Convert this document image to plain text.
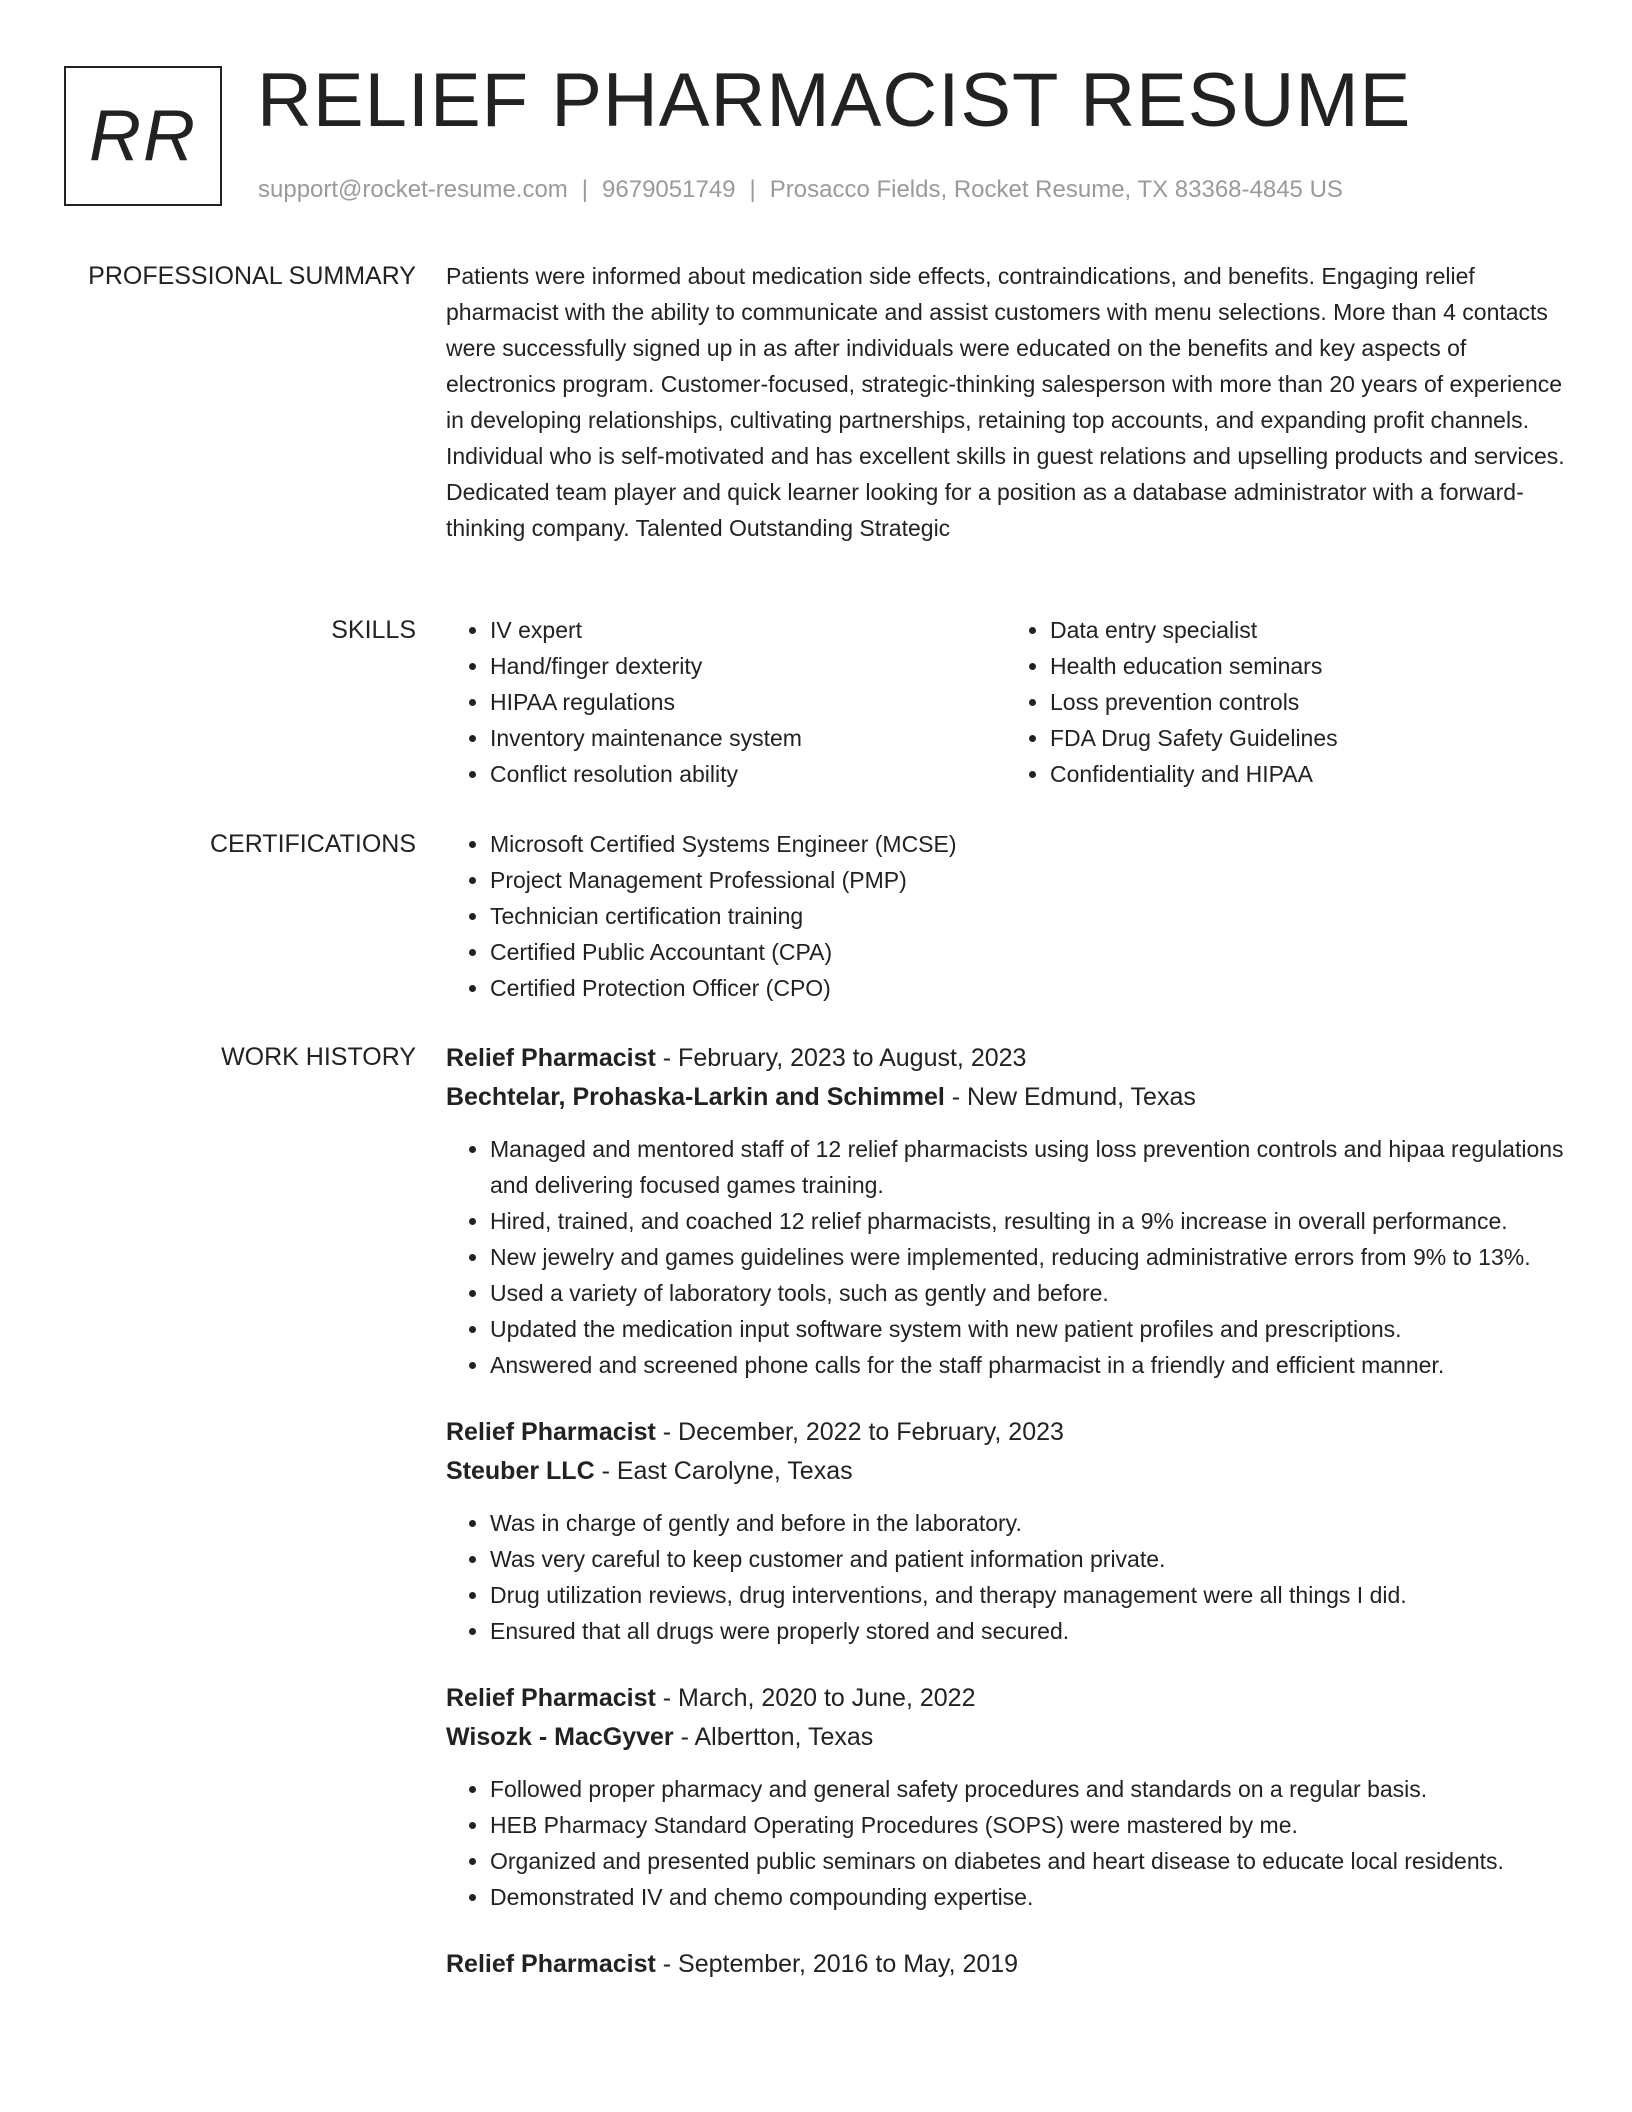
RR RELIEF PHARMACIST RESUME
support@rocket-resume.com | 9679051749 | Prosacco Fields, Rocket Resume, TX 83368-4845 US
PROFESSIONAL SUMMARY Patients were informed about medication side effects, contraindications, and benefits. Engaging relief pharmacist with the ability to communicate and assist customers with menu selections. More than 4 contacts were successfully signed up in as after individuals were educated on the benefits and key aspects of electronics program. Customer-focused, strategic-thinking salesperson with more than 20 years of experience in developing relationships, cultivating partnerships, retaining top accounts, and expanding profit channels. Individual who is self-motivated and has excellent skills in guest relations and upselling products and services. Dedicated team player and quick learner looking for a position as a database administrator with a forward-thinking company. Talented Outstanding Strategic

SKILLS	• IV expert
• Hand/finger dexterity
• HIPAA regulations
• Inventory maintenance system
• Conflict resolution ability
• Data entry specialist
• Health education seminars
• Loss prevention controls
• FDA Drug Safety Guidelines
• Confidentiality and HIPAA
CERTIFICATIONS	• Microsoft Certified Systems Engineer (MCSE)
• Project Management Professional (PMP)
• Technician certification training
• Certified Public Accountant (CPA)
• Certified Protection Officer (CPO)
WORK HISTORY Relief Pharmacist - February, 2023 to August, 2023
Bechtelar, Prohaska-Larkin and Schimmel - New Edmund, Texas
• Managed and mentored staff of 12 relief pharmacists using loss prevention controls and hipaa regulations and delivering focused games training.
• Hired, trained, and coached 12 relief pharmacists, resulting in a 9% increase in overall performance.
• New jewelry and games guidelines were implemented, reducing administrative errors from 9% to 13%.
• Used a variety of laboratory tools, such as gently and before.
• Updated the medication input software system with new patient profiles and prescriptions.
• Answered and screened phone calls for the staff pharmacist in a friendly and efficient manner.
Relief Pharmacist - December, 2022 to February, 2023
Steuber LLC - East Carolyne, Texas
• Was in charge of gently and before in the laboratory.
• Was very careful to keep customer and patient information private.
• Drug utilization reviews, drug interventions, and therapy management were all things I did.
• Ensured that all drugs were properly stored and secured.
Relief Pharmacist - March, 2020 to June, 2022
Wisozk - MacGyver - Albertton, Texas
• Followed proper pharmacy and general safety procedures and standards on a regular basis.
• HEB Pharmacy Standard Operating Procedures (SOPS) were mastered by me.
• Organized and presented public seminars on diabetes and heart disease to educate local residents.
• Demonstrated IV and chemo compounding expertise.
Relief Pharmacist - September, 2016 to May, 2019
